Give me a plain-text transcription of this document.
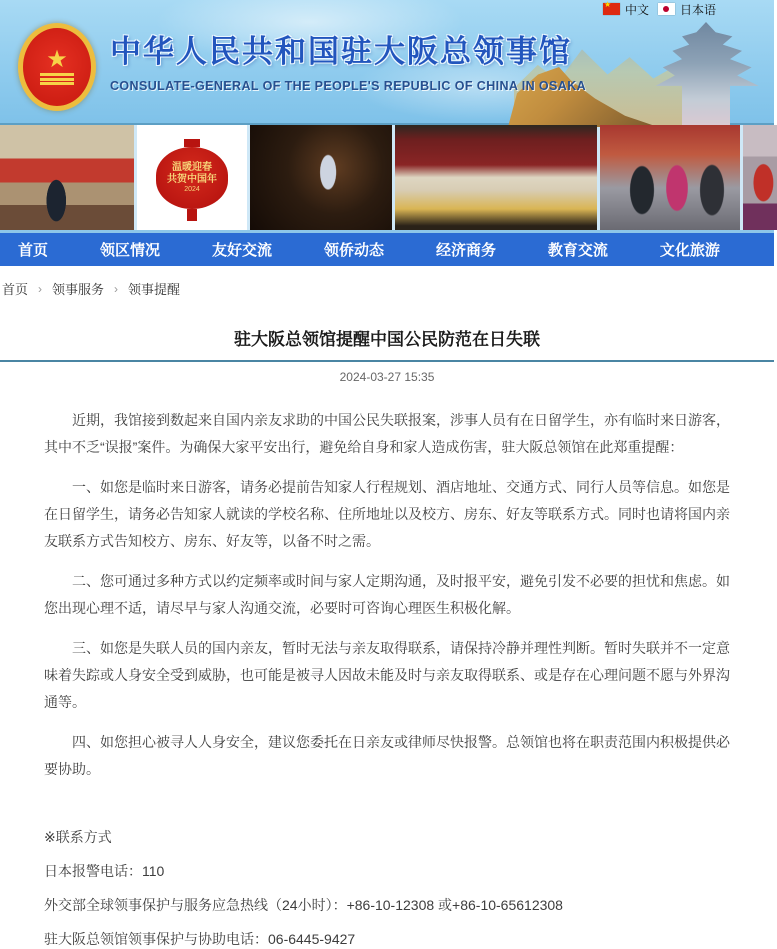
★
中文	日本语
★ 中华人民共和国驻大阪总领事馆
CONSULATE-GENERAL OF THE PEOPLE'S REPUBLIC OF CHINA IN OSAKA
温暖迎春
共贺中国年
2024
首页	领区情况	友好交流	领侨动态	经济商务	教育交流	文化旅游
首页 › 领事服务 › 领事提醒
驻大阪总领馆提醒中国公民防范在日失联
2024-03-27 15:35

近期，我馆接到数起来自国内亲友求助的中国公民失联报案，涉事人员有在日留学生，亦有临时来日游客，其中不乏“误报”案件。为确保大家平安出行，避免给自身和家人造成伤害，驻大阪总领馆在此郑重提醒：

一、如您是临时来日游客，请务必提前告知家人行程规划、酒店地址、交通方式、同行人员等信息。如您是在日留学生，请务必告知家人就读的学校名称、住所地址以及校方、房东、好友等联系方式。同时也请将国内亲友联系方式告知校方、房东、好友等，以备不时之需。

二、您可通过多种方式以约定频率或时间与家人定期沟通，及时报平安，避免引发不必要的担忧和焦虑。如您出现心理不适，请尽早与家人沟通交流，必要时可咨询心理医生积极化解。

三、如您是失联人员的国内亲友，暂时无法与亲友取得联系，请保持冷静并理性判断。暂时失联并不一定意味着失踪或人身安全受到威胁，也可能是被寻人因故未能及时与亲友取得联系、或是存在心理问题不愿与外界沟通等。

四、如您担心被寻人人身安全，建议您委托在日亲友或律师尽快报警。总领馆也将在职责范围内积极提供必要协助。

※联系方式

日本报警电话：110

外交部全球领事保护与服务应急热线（24小时）：+86-10-12308 或+86-10-65612308

驻大阪总领馆领事保护与协助电话：06-6445-9427
